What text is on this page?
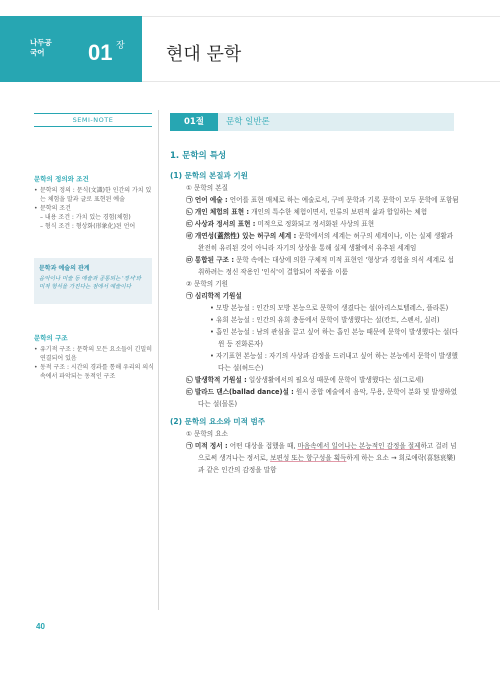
나두공
국어	01 장 현대 문학
SEMI-NOTE
문학의 정의와 조건
• 문학의 정의 : 문식(文識)한 인간의 가치 있는 체험을 말과 글로 표현된 예술
• 문학의 조건
– 내용 조건 : 가치 있는 경험(체험)
– 형식 조건 : 형상화(形象化)된 언어
문학과 예술의 관계
음악이나 미술 등 예술과 공통되는 '정서'와 미적 형식을 가진다는 점에서 예술이다
문학의 구조
• 유기적 구조 : 문학의 모든 요소들이 긴밀히 연결되어 있음
• 동적 구조 : 시간의 경과를 통해 우리의 의식 속에서 파악되는 동적인 구조
01절	문학 일반론
1. 문학의 특성
(1) 문학의 본질과 기원
① 문학의 본질
㉠ 언어 예술 : 언어를 표현 매체로 하는 예술로서, 구비 문학과 기록 문학이 모두 문학에 포함됨
㉡ 개인 체험의 표현 : 개인의 특수한 체험이면서, 인류의 보편적 삶과 합일하는 체험
㉢ 사상과 정서의 표현 : 미적으로 정화되고 정서화된 사상의 표현
㉣ 개연성(蓋然性) 있는 허구의 세계 : 문학에서의 세계는 허구의 세계이나, 이는 실제 생활과 완전히 유리된 것이 아니라 자기의 상상을 통해 실제 생활에서 유추된 세계임
㉤ 통합된 구조 : 문학 속에는 대상에 의한 구체적 미적 표현인 '형상'과 경험을 의식 세계로 섭취하려는 정신 작용인 '인식'이 결합되어 작품을 이룸
② 문학의 기원
㉠ 심리학적 기원설
• 모방 본능설 : 인간의 모방 본능으로 문학이 생겼다는 설(아리스토텔레스, 플라톤)
• 유희 본능설 : 인간의 유희 충동에서 문학이 발생했다는 설(칸트, 스펜서, 실러)
• 흡인 본능설 : 남의 관심을 끌고 싶어 하는 흡인 본능 때문에 문학이 발생했다는 설(다윈 등 진화론자)
• 자기표현 본능설 : 자기의 사상과 감정을 드러내고 싶어 하는 본능에서 문학이 발생했다는 설(허드슨)
㉡ 발생학적 기원설 : 일상생활에서의 필요성 때문에 문학이 발생했다는 설(그로세)
㉢ 발라드 댄스(ballad dance)설 : 원시 종합 예술에서 음악, 무용, 문학이 분화 및 발생하였다는 설(몰톤)
(2) 문학의 요소와 미적 범주
① 문학의 요소
㉠ 미적 정서 : 어떤 대상을 접했을 때, 마음속에서 일어나는 본능적인 감정을 절제하고 걸러 넘으로써 생겨나는 정서로, 보편성 또는 항구성을 획득하게 하는 요소 → 희로애락(喜怒哀樂)과 같은 인간의 감정을 말함
40
